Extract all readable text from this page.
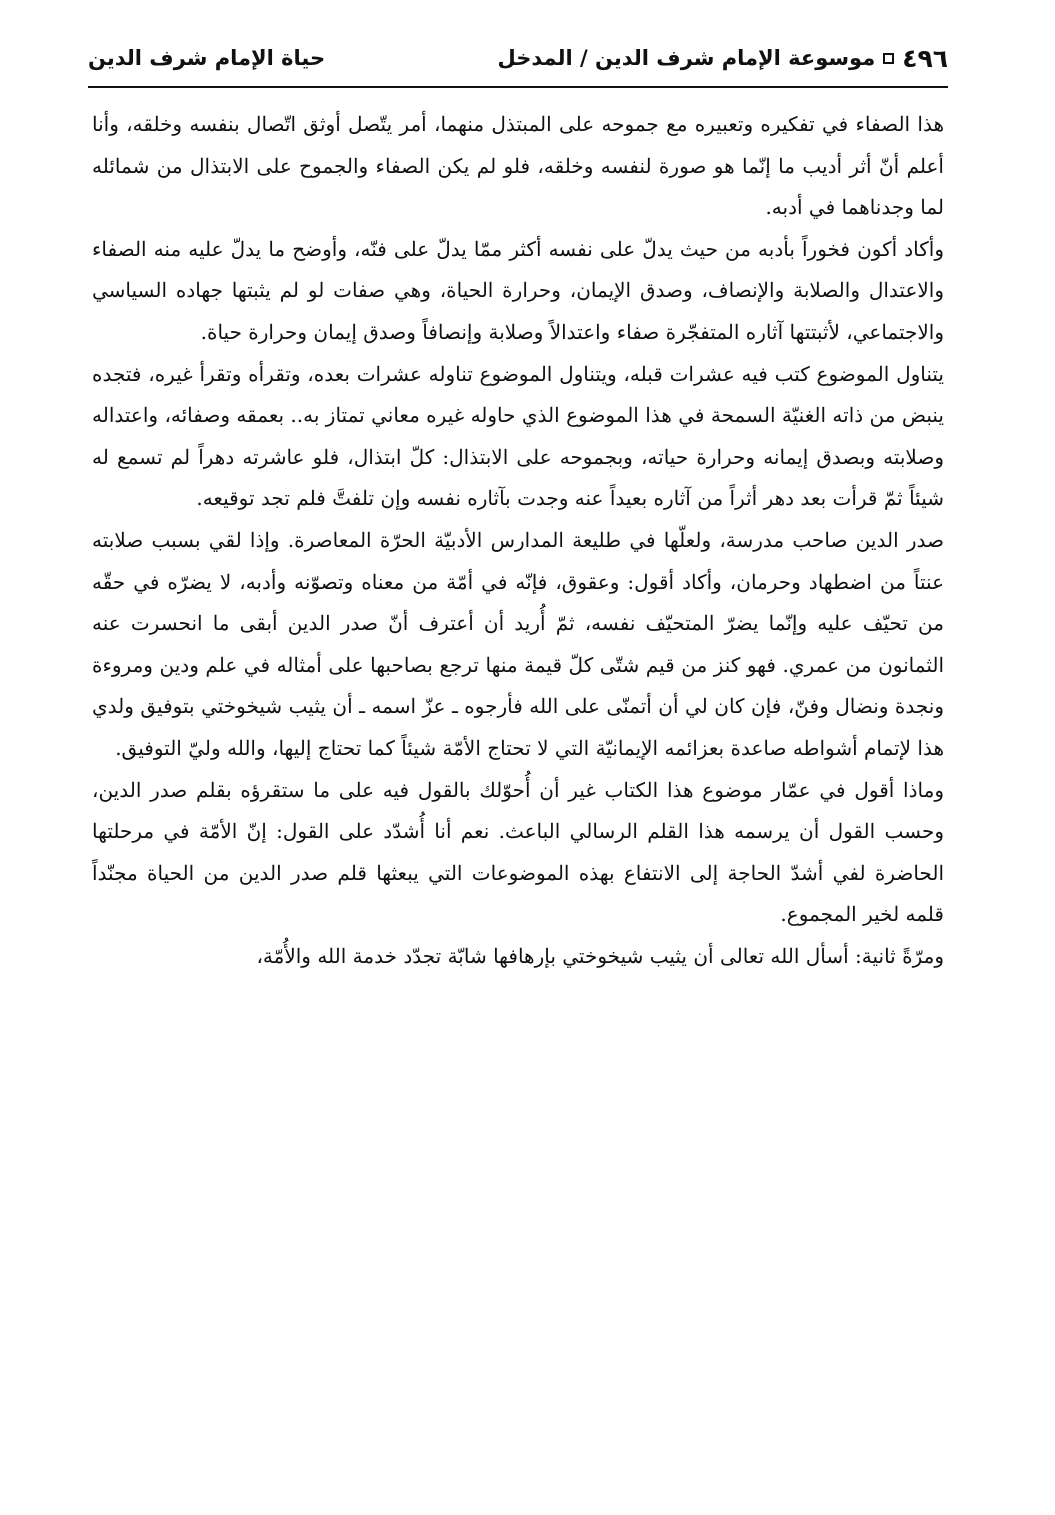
٤٩٦
موسوعة الإمام شرف الدين / المدخل
حياة الإمام شرف الدين

هذا الصفاء في تفكيره وتعبيره مع جموحه على المبتذل منهما، أمر يتّصل أوثق اتّصال بنفسه وخلقه، وأنا أعلم أنّ أثر أديب ما إنّما هو صورة لنفسه وخلقه، فلو لم يكن الصفاء والجموح على الابتذال من شمائله لما وجدناهما في أدبه.

وأكاد أكون فخوراً بأدبه من حيث يدلّ على نفسه أكثر ممّا يدلّ على فنّه، وأوضح ما يدلّ عليه منه الصفاء والاعتدال والصلابة والإنصاف، وصدق الإيمان، وحرارة الحياة، وهي صفات لو لم يثبتها جهاده السياسي والاجتماعي، لأثبتتها آثاره المتفجّرة صفاء واعتدالاً وصلابة وإنصافاً وصدق إيمان وحرارة حياة.

يتناول الموضوع كتب فيه عشرات قبله، ويتناول الموضوع تناوله عشرات بعده، وتقرأه وتقرأ غيره، فتجده ينبض من ذاته الغنيّة السمحة في هذا الموضوع الذي حاوله غيره معاني تمتاز به.. بعمقه وصفائه، واعتداله وصلابته وبصدق إيمانه وحرارة حياته، وبجموحه على الابتذال: كلّ ابتذال، فلو عاشرته دهراً لم تسمع له شيئاً ثمّ قرأت بعد دهر أثراً من آثاره بعيداً عنه وجدت بآثاره نفسه وإن تلفتَّ فلم تجد توقيعه.

صدر الدين صاحب مدرسة، ولعلّها في طليعة المدارس الأدبيّة الحرّة المعاصرة. وإذا لقي بسبب صلابته عنتاً من اضطهاد وحرمان، وأكاد أقول: وعقوق، فإنّه في أمّة من معناه وتصوّنه وأدبه، لا يضرّه في حقّه من تحيّف عليه وإنّما يضرّ المتحيّف نفسه، ثمّ أُريد أن أعترف أنّ صدر الدين أبقى ما انحسرت عنه الثمانون من عمري. فهو كنز من قيم شتّى كلّ قيمة منها ترجع بصاحبها على أمثاله في علم ودين ومروءة ونجدة ونضال وفنّ، فإن كان لي أن أتمنّى على الله فأرجوه ـ عزّ اسمه ـ أن يثيب شيخوختي بتوفيق ولدي هذا لإتمام أشواطه صاعدة بعزائمه الإيمانيّة التي لا تحتاج الأمّة شيئاً كما تحتاج إليها، والله وليّ التوفيق.

وماذا أقول في عمّار موضوع هذا الكتاب غير أن أُحوّلك بالقول فيه على ما ستقرؤه بقلم صدر الدين، وحسب القول أن يرسمه هذا القلم الرسالي الباعث. نعم أنا أُشدّد على القول: إنّ الأمّة في مرحلتها الحاضرة لفي أشدّ الحاجة إلى الانتفاع بهذه الموضوعات التي يبعثها قلم صدر الدين من الحياة مجنّداً قلمه لخير المجموع.

ومرّةً ثانية: أسأل الله تعالى أن يثيب شيخوختي بإرهافها شابّة تجدّد خدمة الله والأُمّة،
